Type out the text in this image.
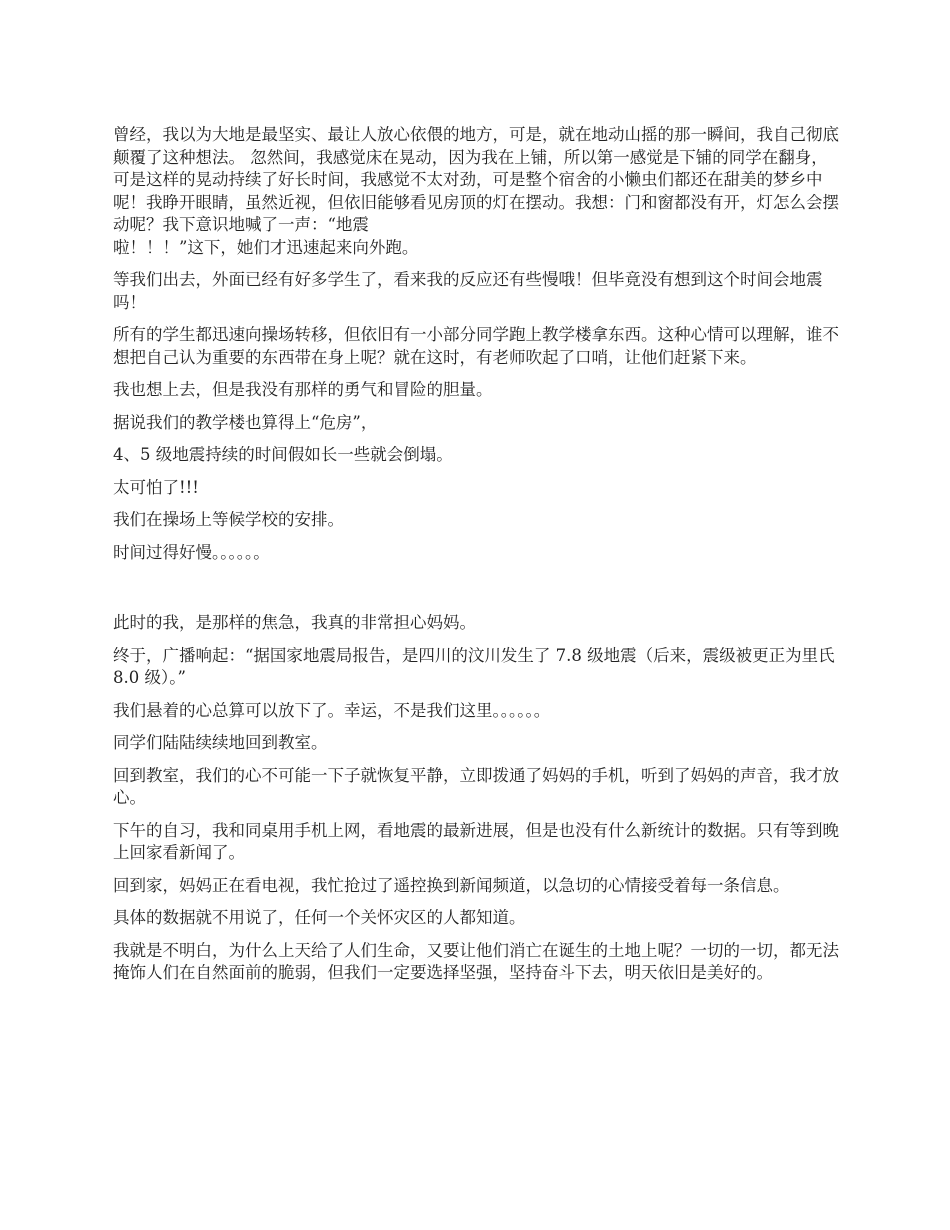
曾经，我以为大地是最坚实、最让人放心依偎的地方，可是，就在地动山摇的那一瞬间，我自己彻底颠覆了这种想法。 忽然间，我感觉床在晃动，因为我在上铺，所以第一感觉是下铺的同学在翻身，可是这样的晃动持续了好长时间，我感觉不太对劲，可是整个宿舍的小懒虫们都还在甜美的梦乡中呢！我睁开眼睛，虽然近视，但依旧能够看见房顶的灯在摆动。我想：门和窗都没有开，灯怎么会摆动呢？我下意识地喊了一声：“地震
啦！！！”这下，她们才迅速起来向外跑。

等我们出去，外面已经有好多学生了，看来我的反应还有些慢哦！但毕竟没有想到这个时间会地震吗！

所有的学生都迅速向操场转移，但依旧有一小部分同学跑上教学楼拿东西。这种心情可以理解，谁不想把自己认为重要的东西带在身上呢？就在这时，有老师吹起了口哨，让他们赶紧下来。

我也想上去，但是我没有那样的勇气和冒险的胆量。

据说我们的教学楼也算得上“危房”，

4、5 级地震持续的时间假如长一些就会倒塌。

太可怕了!!!

我们在操场上等候学校的安排。

时间过得好慢。。。。。。

此时的我，是那样的焦急，我真的非常担心妈妈。

终于，广播响起：“据国家地震局报告，是四川的汶川发生了 7.8 级地震（后来，震级被更正为里氏 8.0 级）。”

我们悬着的心总算可以放下了。幸运，不是我们这里。。。。。。

同学们陆陆续续地回到教室。

回到教室，我们的心不可能一下子就恢复平静，立即拨通了妈妈的手机，听到了妈妈的声音，我才放心。

下午的自习，我和同桌用手机上网，看地震的最新进展，但是也没有什么新统计的数据。只有等到晚上回家看新闻了。

回到家，妈妈正在看电视，我忙抢过了遥控换到新闻频道，以急切的心情接受着每一条信息。

具体的数据就不用说了，任何一个关怀灾区的人都知道。

我就是不明白，为什么上天给了人们生命，又要让他们消亡在诞生的土地上呢？一切的一切，都无法掩饰人们在自然面前的脆弱，但我们一定要选择坚强，坚持奋斗下去，明天依旧是美好的。
